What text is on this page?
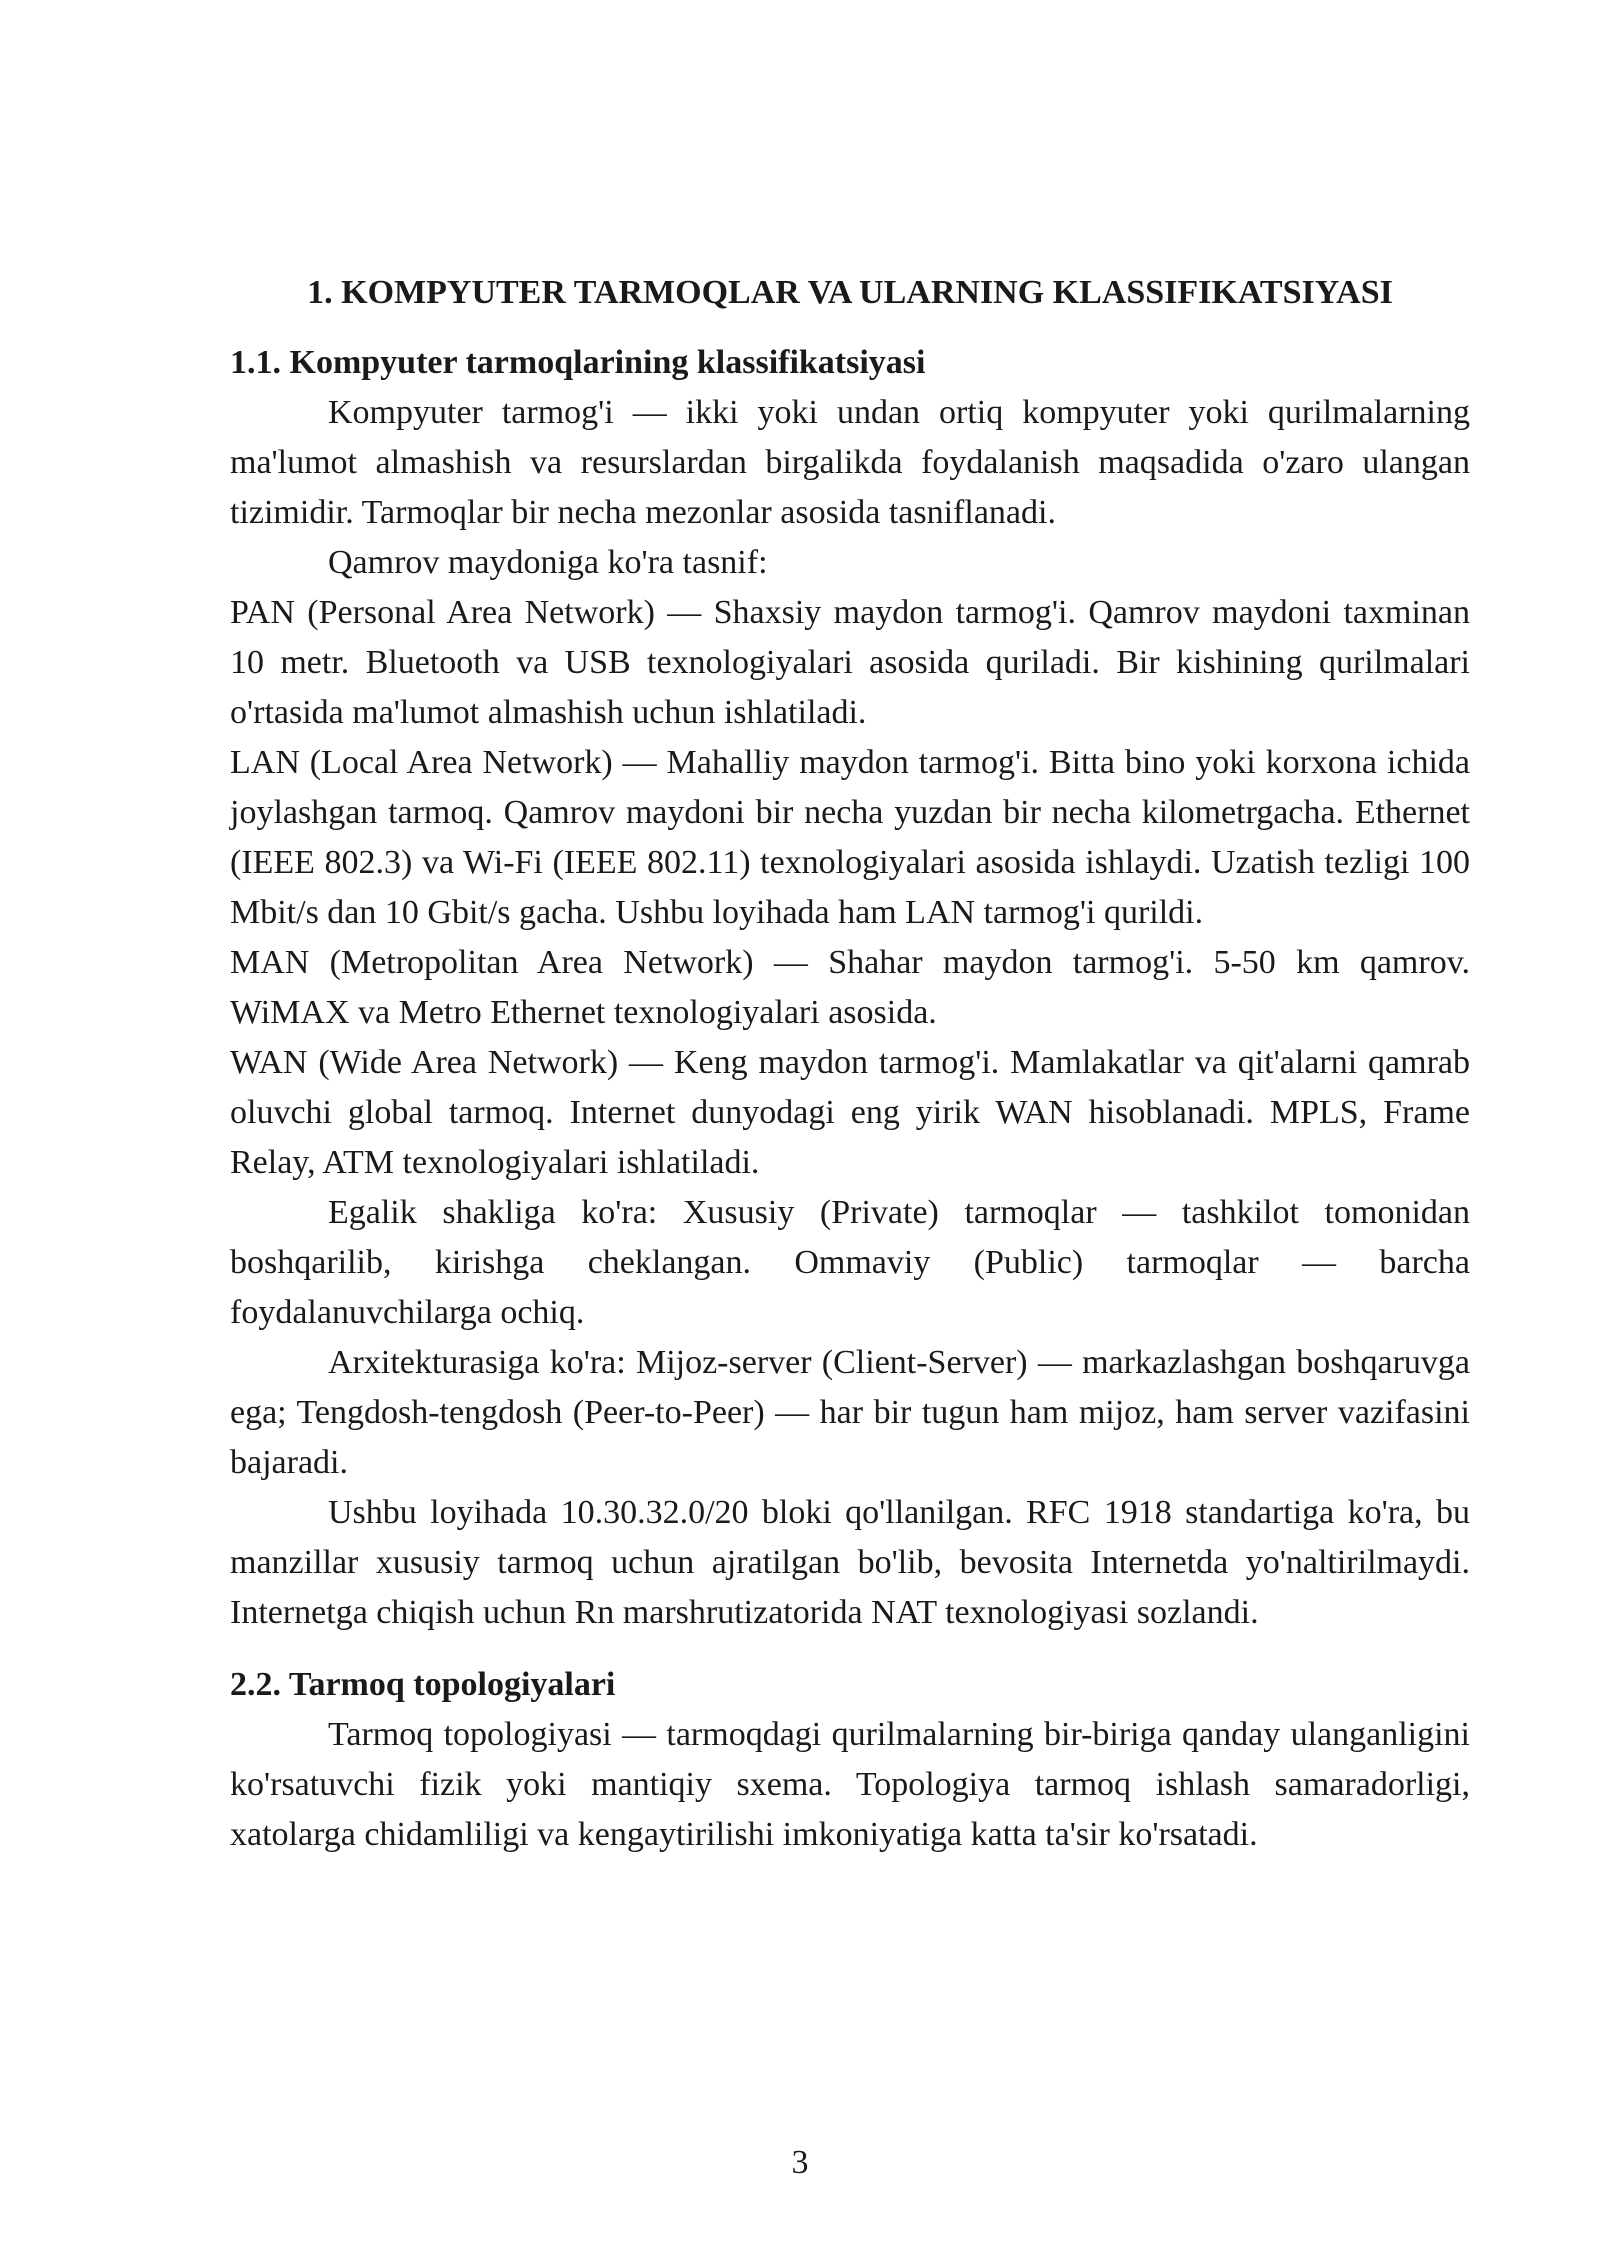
1. KOMPYUTER TARMOQLAR VA ULARNING KLASSIFIKATSIYASI
1.1. Kompyuter tarmoqlarining klassifikatsiyasi

Kompyuter tarmog'i — ikki yoki undan ortiq kompyuter yoki qurilmalarning ma'lumot almashish va resurslardan birgalikda foydalanish maqsadida o'zaro ulangan tizimidir. Tarmoqlar bir necha mezonlar asosida tasniflanadi.

Qamrov maydoniga ko'ra tasnif:

PAN (Personal Area Network) — Shaxsiy maydon tarmog'i. Qamrov maydoni taxminan 10 metr. Bluetooth va USB texnologiyalari asosida quriladi. Bir kishining qurilmalari o'rtasida ma'lumot almashish uchun ishlatiladi.

LAN (Local Area Network) — Mahalliy maydon tarmog'i. Bitta bino yoki korxona ichida joylashgan tarmoq. Qamrov maydoni bir necha yuzdan bir necha kilometrgacha. Ethernet (IEEE 802.3) va Wi-Fi (IEEE 802.11) texnologiyalari asosida ishlaydi. Uzatish tezligi 100 Mbit/s dan 10 Gbit/s gacha. Ushbu loyihada ham LAN tarmog'i qurildi.

MAN (Metropolitan Area Network) — Shahar maydon tarmog'i. 5-50 km qamrov. WiMAX va Metro Ethernet texnologiyalari asosida.

WAN (Wide Area Network) — Keng maydon tarmog'i. Mamlakatlar va qit'alarni qamrab oluvchi global tarmoq. Internet dunyodagi eng yirik WAN hisoblanadi. MPLS, Frame Relay, ATM texnologiyalari ishlatiladi.

Egalik shakliga ko'ra: Xususiy (Private) tarmoqlar — tashkilot tomonidan boshqarilib, kirishga cheklangan. Ommaviy (Public) tarmoqlar — barcha foydalanuvchilarga ochiq.

Arxitekturasiga ko'ra: Mijoz-server (Client-Server) — markazlashgan boshqaruvga ega; Tengdosh-tengdosh (Peer-to-Peer) — har bir tugun ham mijoz, ham server vazifasini bajaradi.

Ushbu loyihada 10.30.32.0/20 bloki qo'llanilgan. RFC 1918 standartiga ko'ra, bu manzillar xususiy tarmoq uchun ajratilgan bo'lib, bevosita Internetda yo'naltirilmaydi. Internetga chiqish uchun Rn marshrutizatorida NAT texnologiyasi sozlandi.

2.2. Tarmoq topologiyalari

Tarmoq topologiyasi — tarmoqdagi qurilmalarning bir-biriga qanday ulanganligini ko'rsatuvchi fizik yoki mantiqiy sxema. Topologiya tarmoq ishlash samaradorligi, xatolarga chidamliligi va kengaytirilishi imkoniyatiga katta ta'sir ko'rsatadi.

3
